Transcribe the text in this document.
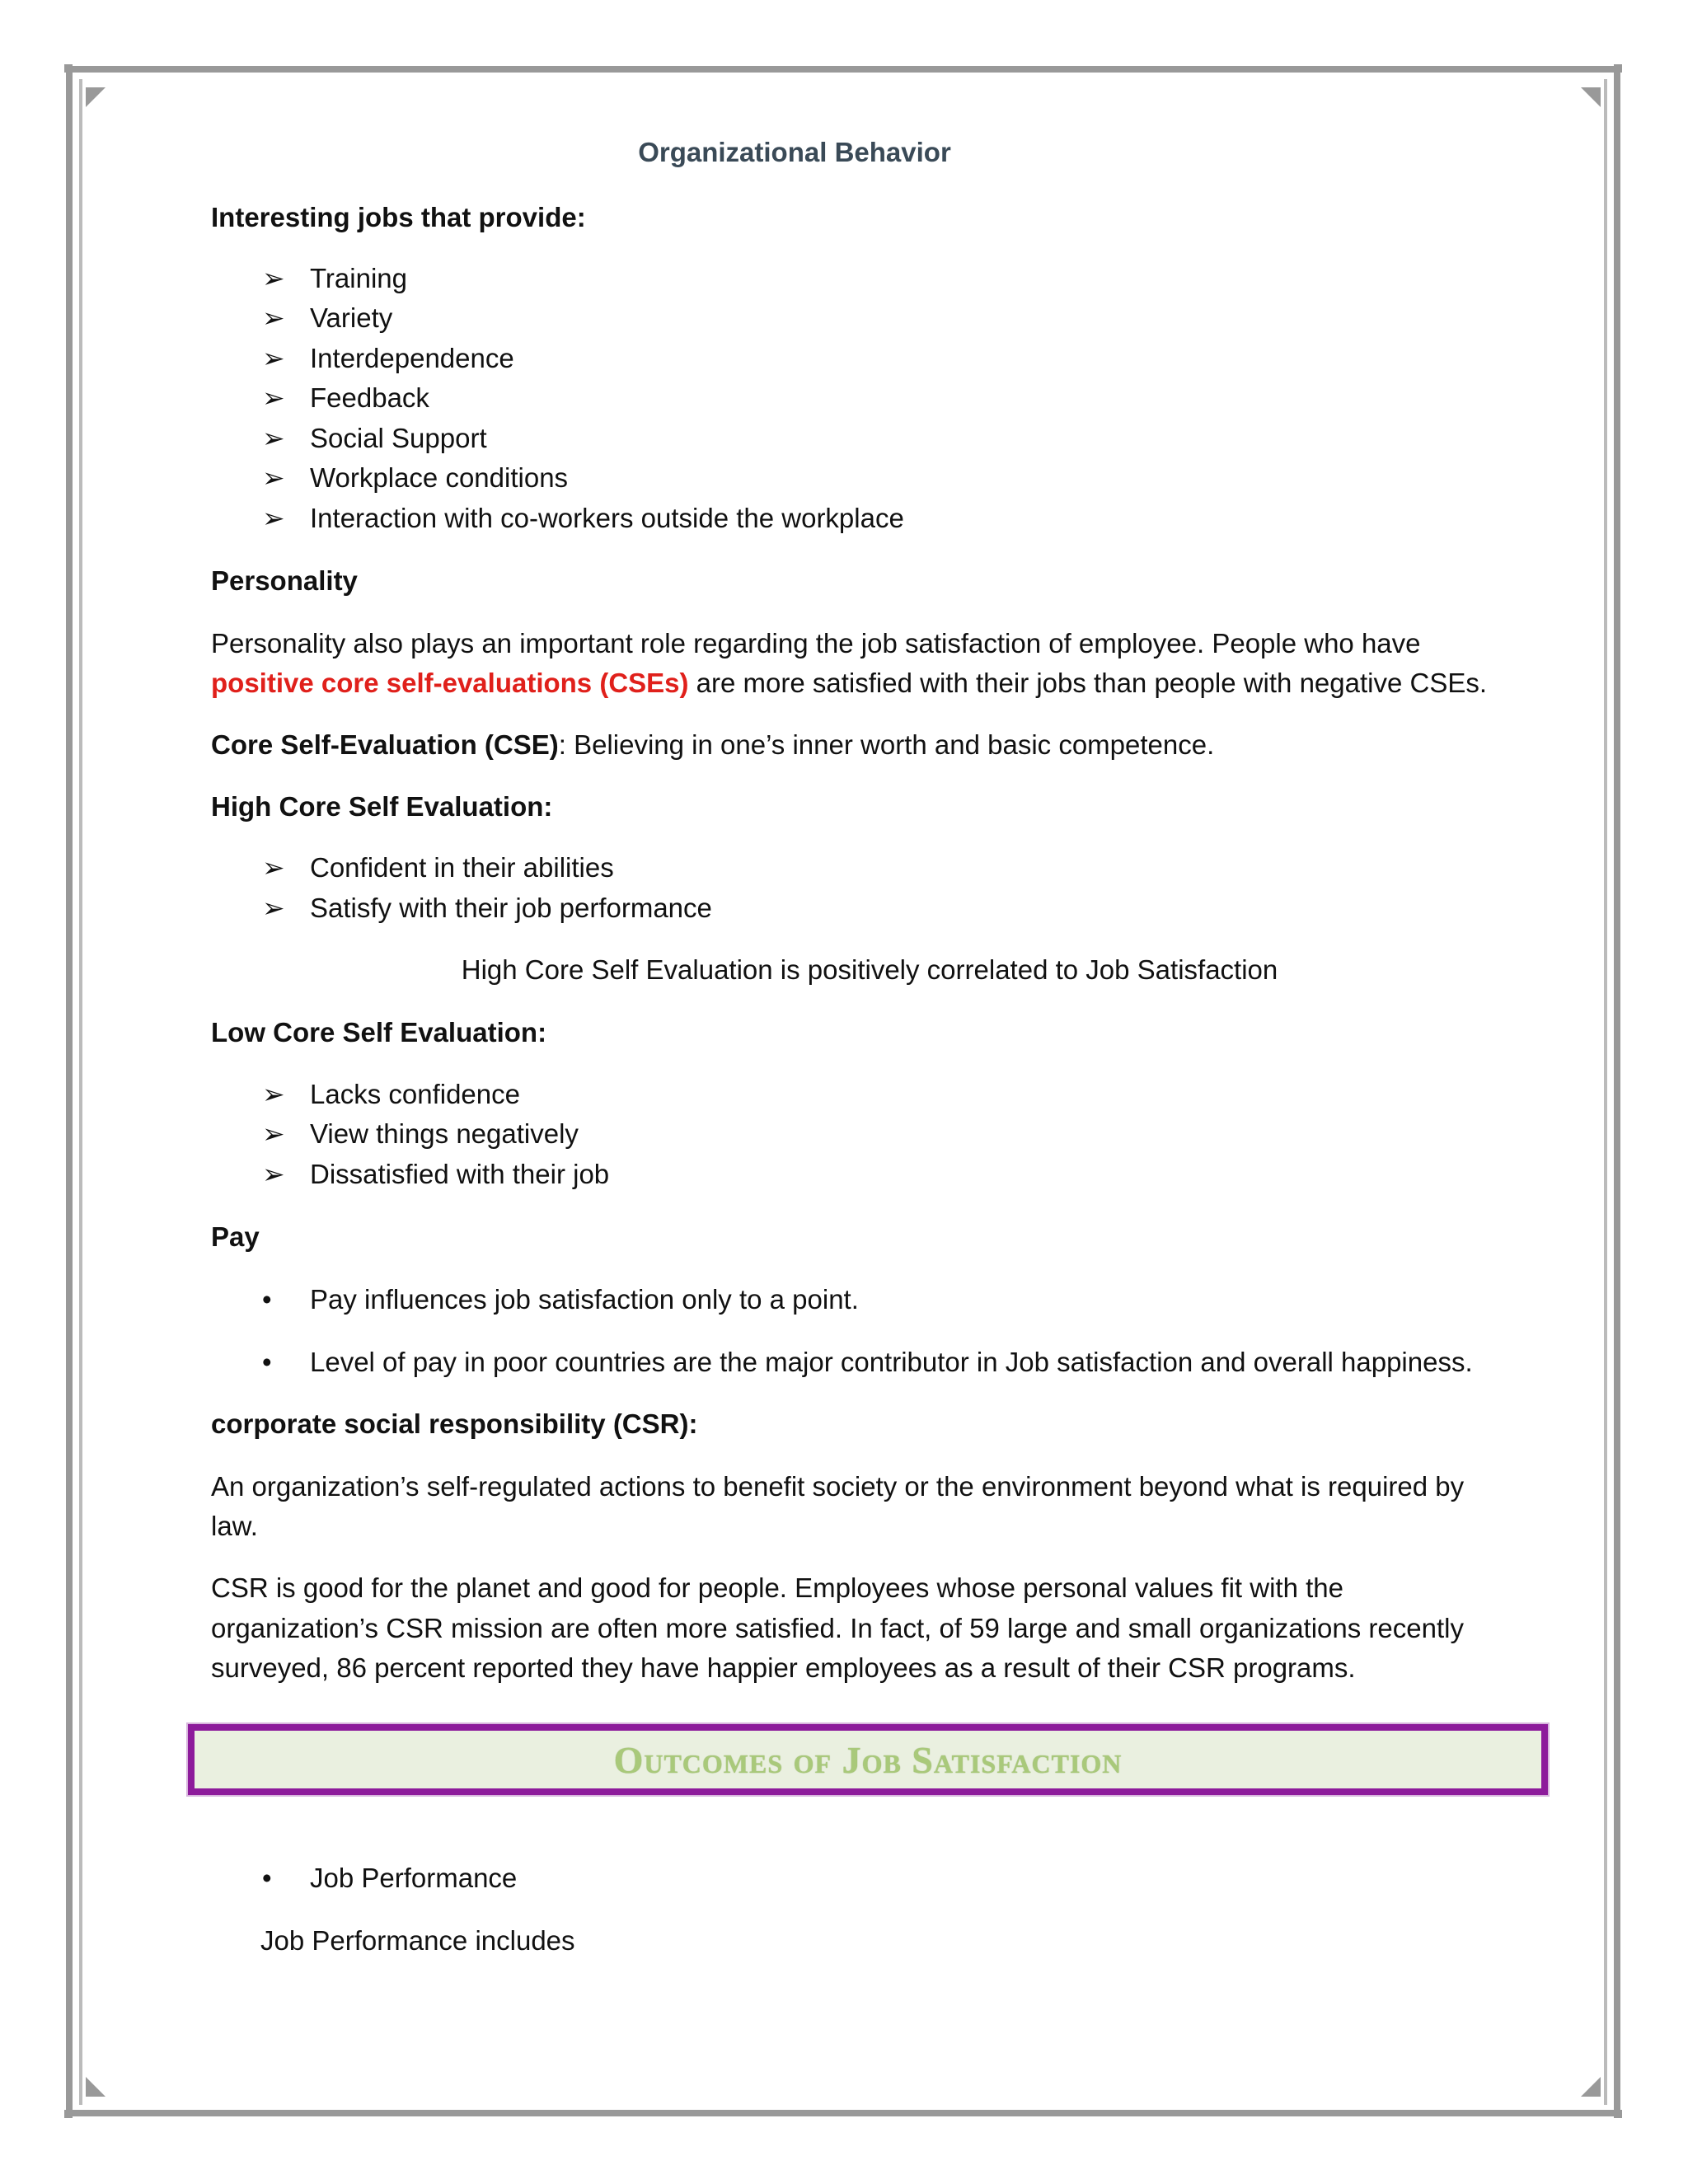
Organizational Behavior
Interesting jobs that provide:
➢ Training
➢ Variety
➢ Interdependence
➢ Feedback
➢ Social Support
➢ Workplace conditions
➢ Interaction with co-workers outside the workplace
Personality
Personality also plays an important role regarding the job satisfaction of employee. People who have
positive core self-evaluations (CSEs) are more satisfied with their jobs than people with negative CSEs.
Core Self-Evaluation (CSE): Believing in one’s inner worth and basic competence.
High Core Self Evaluation:
➢ Confident in their abilities
➢ Satisfy with their job performance
High Core Self Evaluation is positively correlated to Job Satisfaction
Low Core Self Evaluation:
➢ Lacks confidence
➢ View things negatively
➢ Dissatisfied with their job
Pay
• Pay influences job satisfaction only to a point.
• Level of pay in poor countries are the major contributor in Job satisfaction and overall happiness.
corporate social responsibility (CSR):
An organization’s self-regulated actions to benefit society or the environment beyond what is required by
law.
CSR is good for the planet and good for people. Employees whose personal values fit with the
organization’s CSR mission are often more satisfied. In fact, of 59 large and small organizations recently
surveyed, 86 percent reported they have happier employees as a result of their CSR programs.
Outcomes of Job Satisfaction
• Job Performance
Job Performance includes
